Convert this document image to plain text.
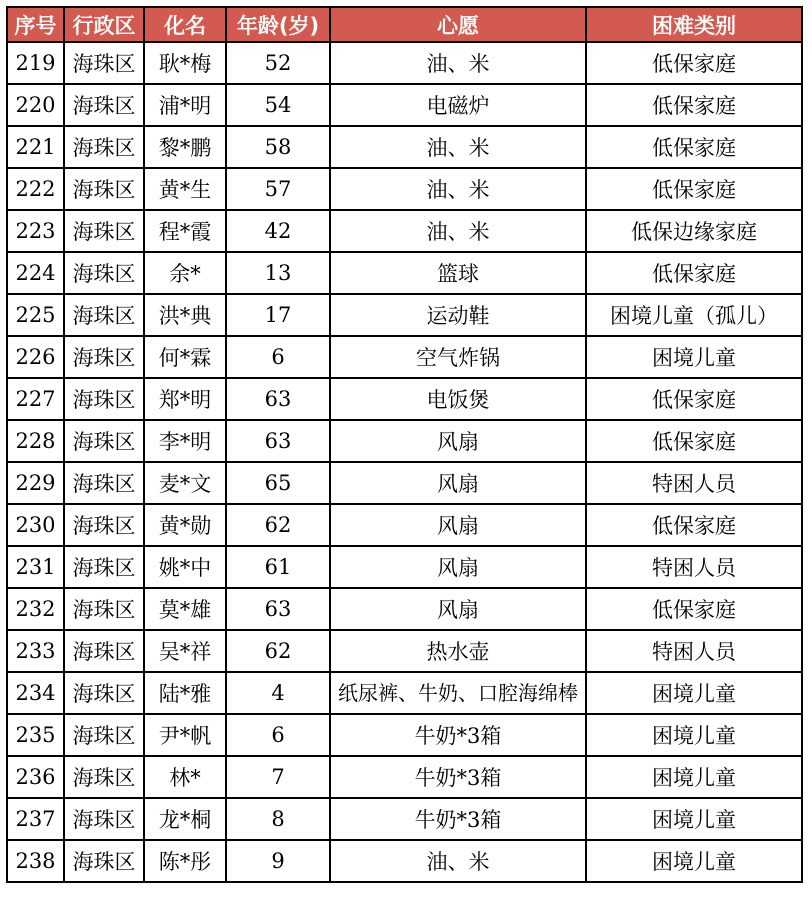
序号	行政区	化名	年龄(岁)	心愿	困难类别
219	海珠区	耿*梅	52	油、米	低保家庭
220	海珠区	浦*明	54	电磁炉	低保家庭
221	海珠区	黎*鹏	58	油、米	低保家庭
222	海珠区	黄*生	57	油、米	低保家庭
223	海珠区	程*霞	42	油、米	低保边缘家庭
224	海珠区	余*	13	篮球	低保家庭
225	海珠区	洪*典	17	运动鞋	困境儿童（孤儿）
226	海珠区	何*霖	6	空气炸锅	困境儿童
227	海珠区	郑*明	63	电饭煲	低保家庭
228	海珠区	李*明	63	风扇	低保家庭
229	海珠区	麦*文	65	风扇	特困人员
230	海珠区	黄*勋	62	风扇	低保家庭
231	海珠区	姚*中	61	风扇	特困人员
232	海珠区	莫*雄	63	风扇	低保家庭
233	海珠区	吴*祥	62	热水壶	特困人员
234	海珠区	陆*雅	4	纸尿裤、牛奶、口腔海绵棒	困境儿童
235	海珠区	尹*帆	6	牛奶*3箱	困境儿童
236	海珠区	林*	7	牛奶*3箱	困境儿童
237	海珠区	龙*桐	8	牛奶*3箱	困境儿童
238	海珠区	陈*彤	9	油、米	困境儿童
